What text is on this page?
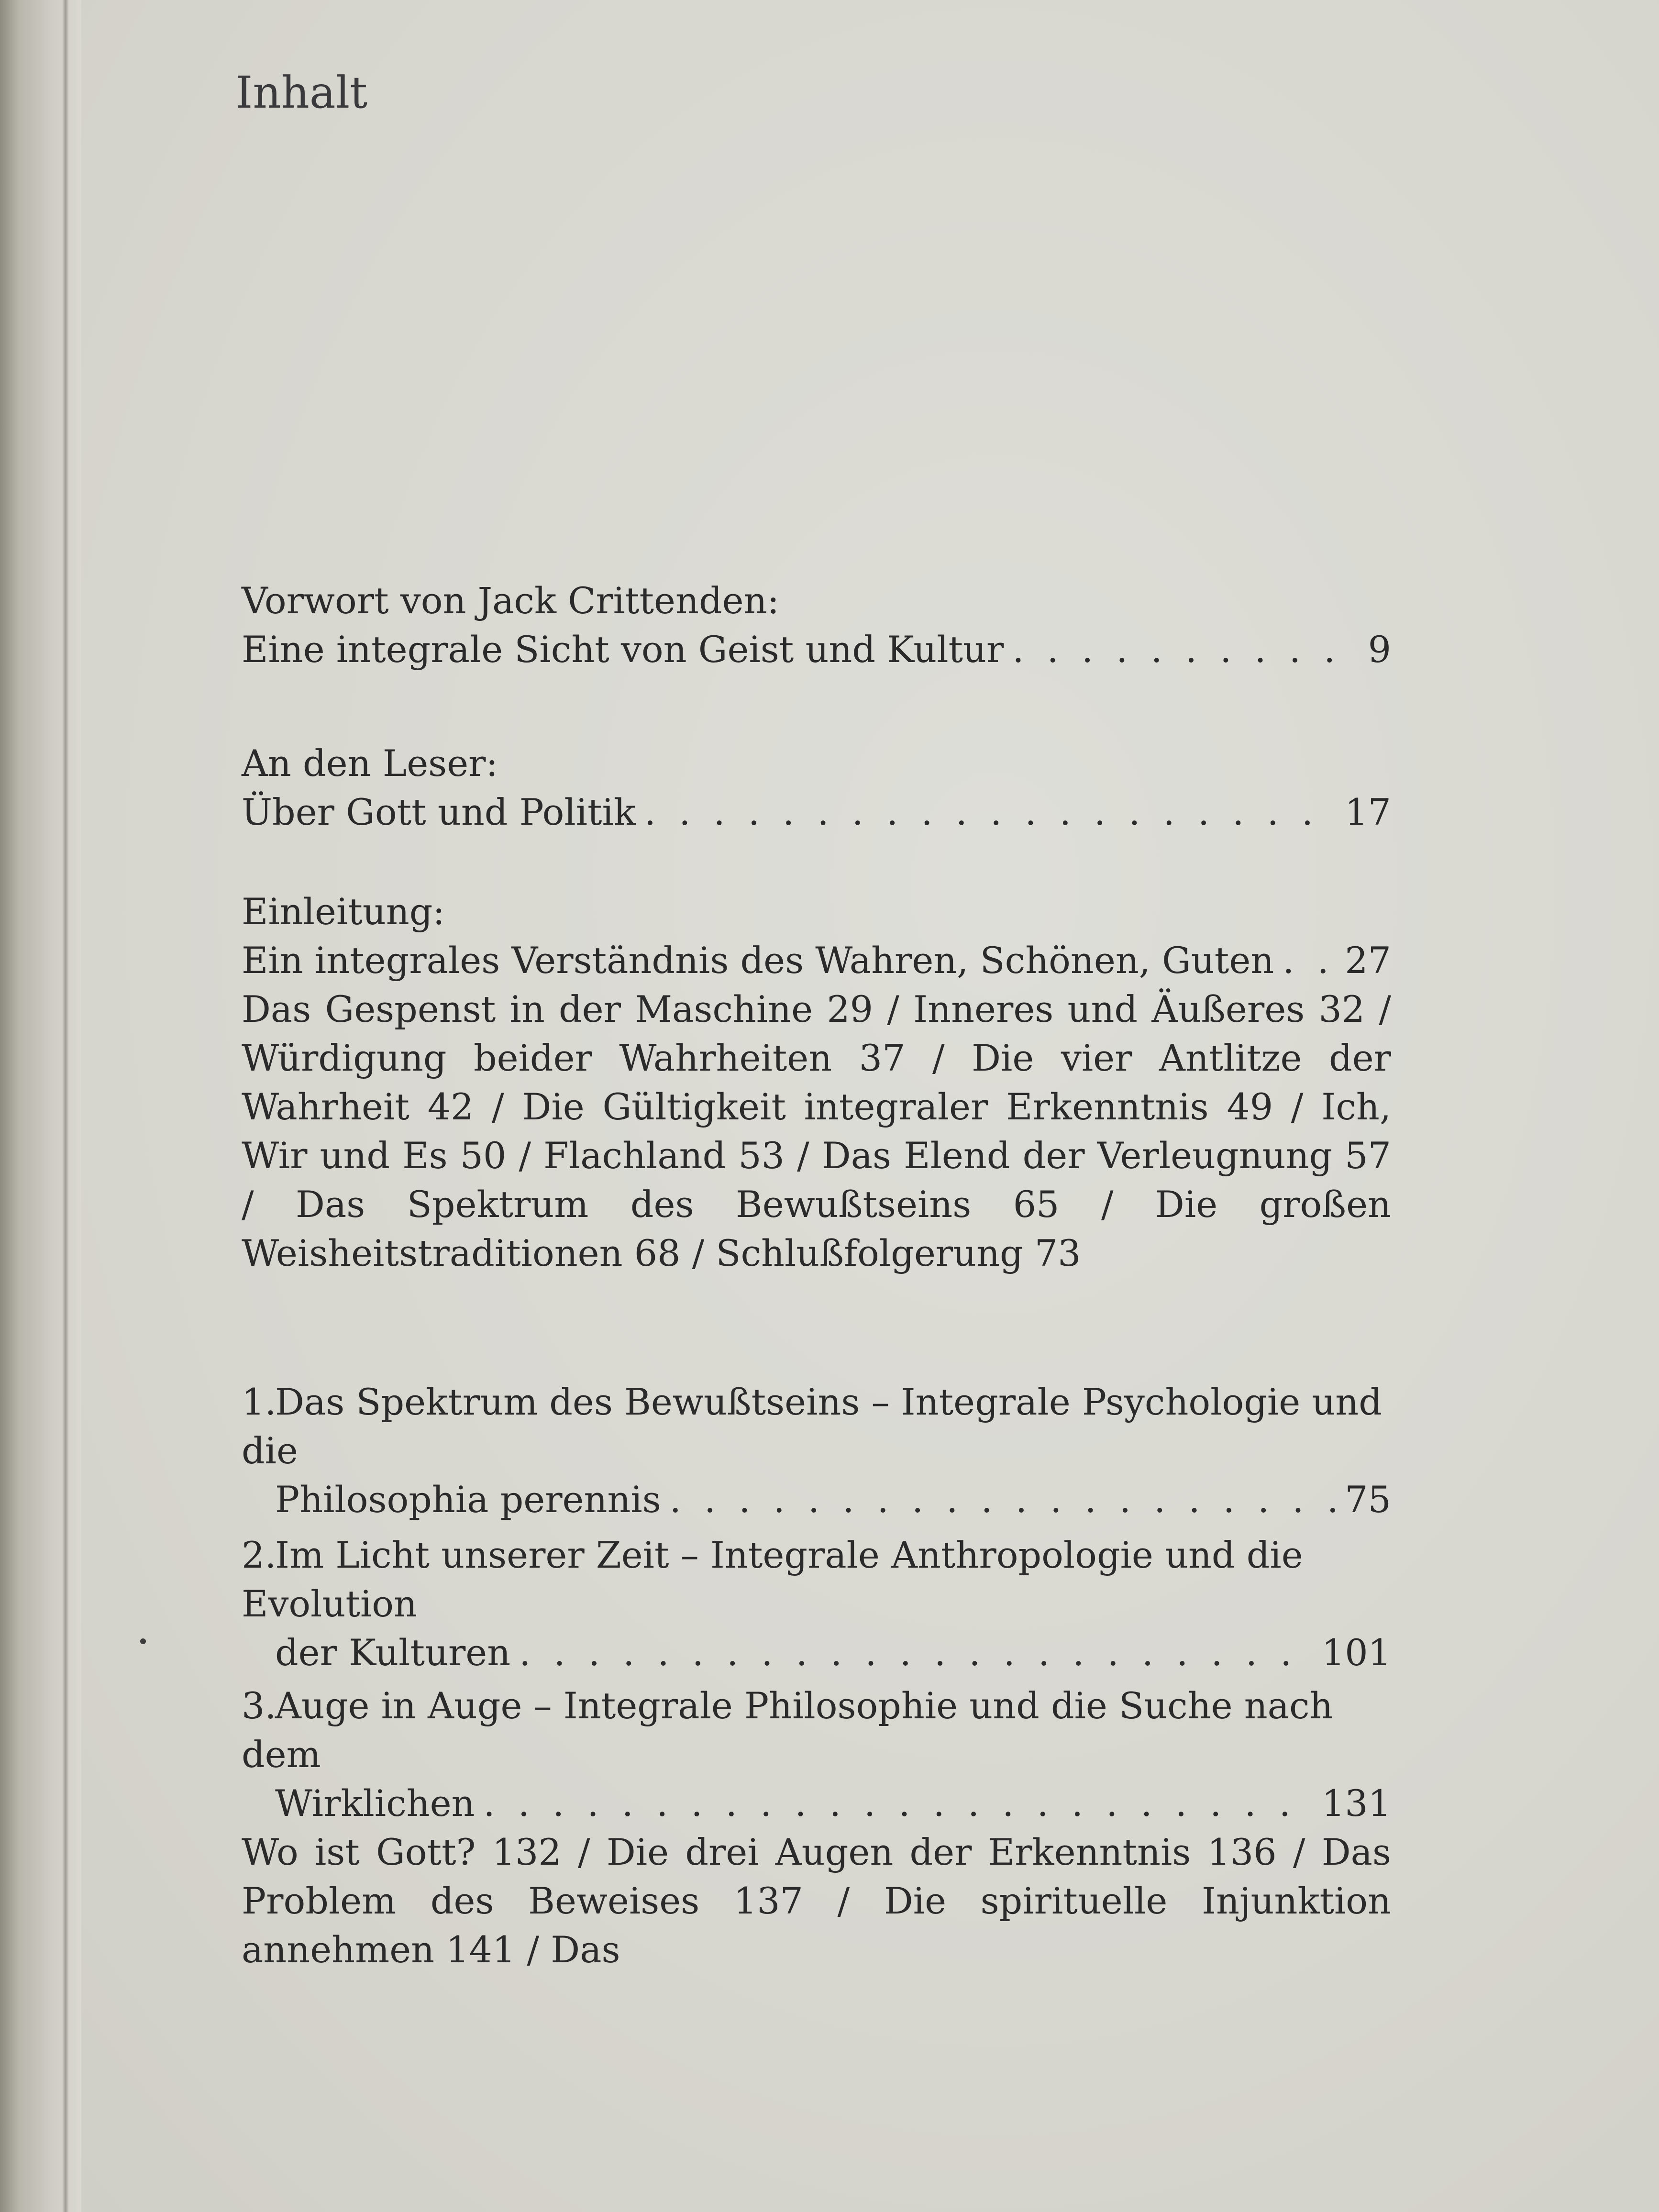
Inhalt
Vorwort von Jack Crittenden:
Eine integrale Sicht von Geist und Kultur . . .	9
An den Leser:
Über Gott und Politik . . .	17
Einleitung:
Ein integrales Verständnis des Wahren, Schönen, Guten . . . 27
Das Gespenst in der Maschine 29 / Inneres und Äußeres 32 / Würdigung beider Wahrheiten 37 / Die vier Antlitze der Wahrheit 42 / Die Gültigkeit integraler Erkenntnis 49 / Ich, Wir und Es 50 / Flachland 53 / Das Elend der Verleugnung 57 / Das Spektrum des Bewußtseins 65 / Die großen Weisheitstraditionen 68 / Schlußfolgerung 73
1.Das Spektrum des Bewußtseins – Integrale Psychologie und die
Philosophia perennis . . .	75
2.Im Licht unserer Zeit – Integrale Anthropologie und die Evolution
der Kulturen . . .	101
3.Auge in Auge – Integrale Philosophie und die Suche nach dem
Wirklichen . . .	131
Wo ist Gott? 132 / Die drei Augen der Erkenntnis 136 / Das Problem des Beweises 137 / Die spirituelle Injunktion annehmen 141 / Das
